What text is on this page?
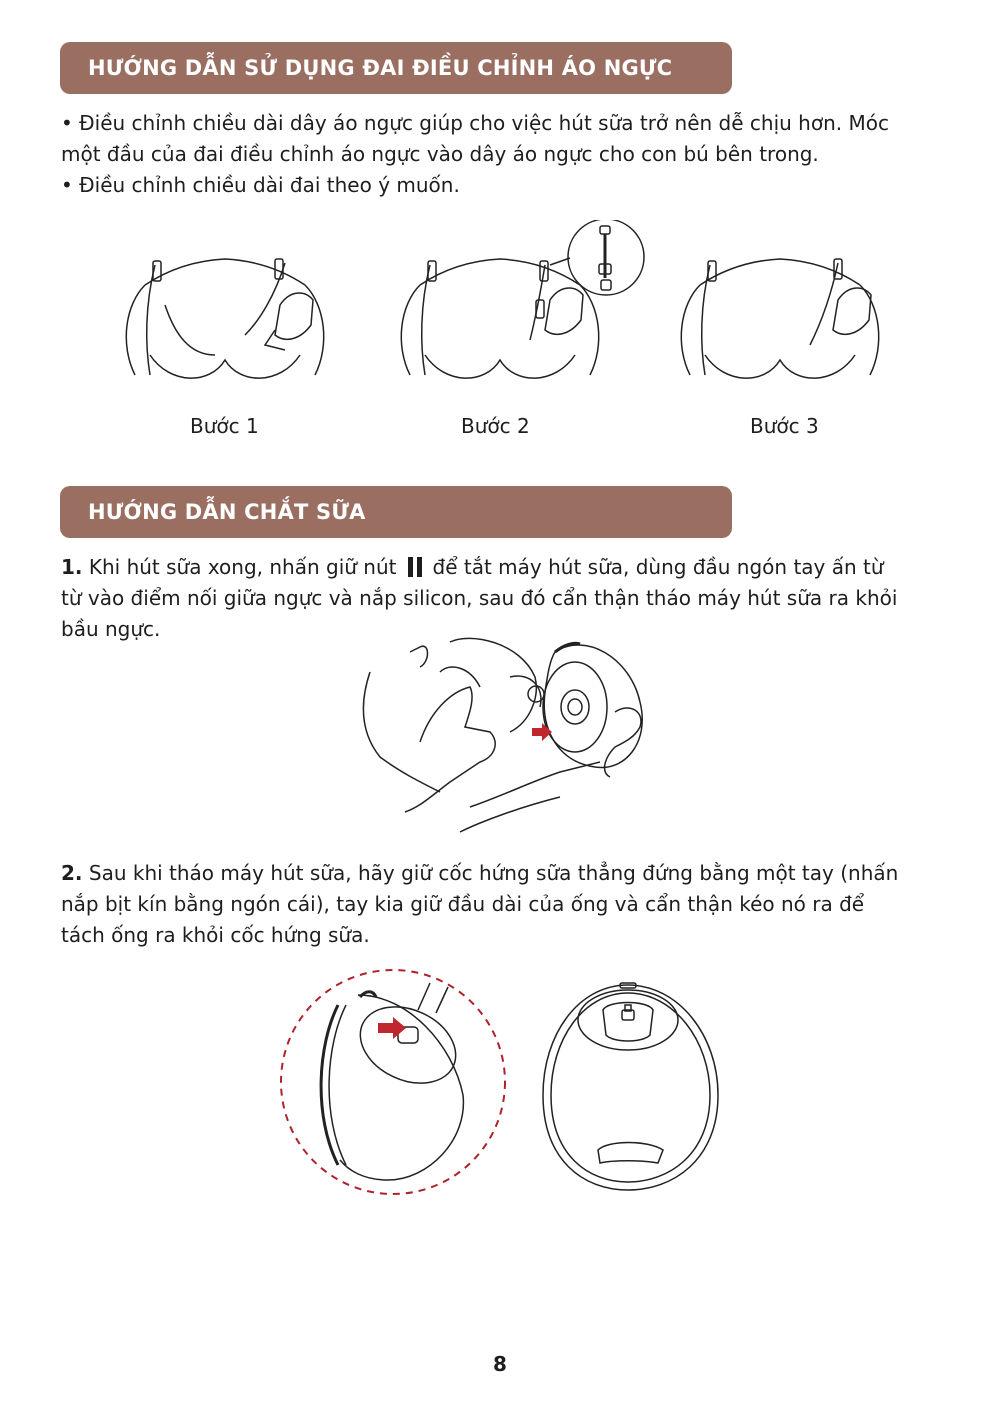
HƯỚNG DẪN SỬ DỤNG ĐAI ĐIỀU CHỈNH ÁO NGỰC

• Điều chỉnh chiều dài dây áo ngực giúp cho việc hút sữa trở nên dễ chịu hơn. Móc
một đầu của đai điều chỉnh áo ngực vào dây áo ngực cho con bú bên trong.
• Điều chỉnh chiều dài đai theo ý muốn.

Bước 1	Bước 2	Bước 3
HƯỚNG DẪN CHẮT SỮA

1. Khi hút sữa xong, nhấn giữ nút để tắt máy hút sữa, dùng đầu ngón tay ấn từ
từ vào điểm nối giữa ngực và nắp silicon, sau đó cẩn thận tháo máy hút sữa ra khỏi
bầu ngực.

2. Sau khi tháo máy hút sữa, hãy giữ cốc hứng sữa thẳng đứng bằng một tay (nhấn
nắp bịt kín bằng ngón cái), tay kia giữ đầu dài của ống và cẩn thận kéo nó ra để
tách ống ra khỏi cốc hứng sữa.

8
